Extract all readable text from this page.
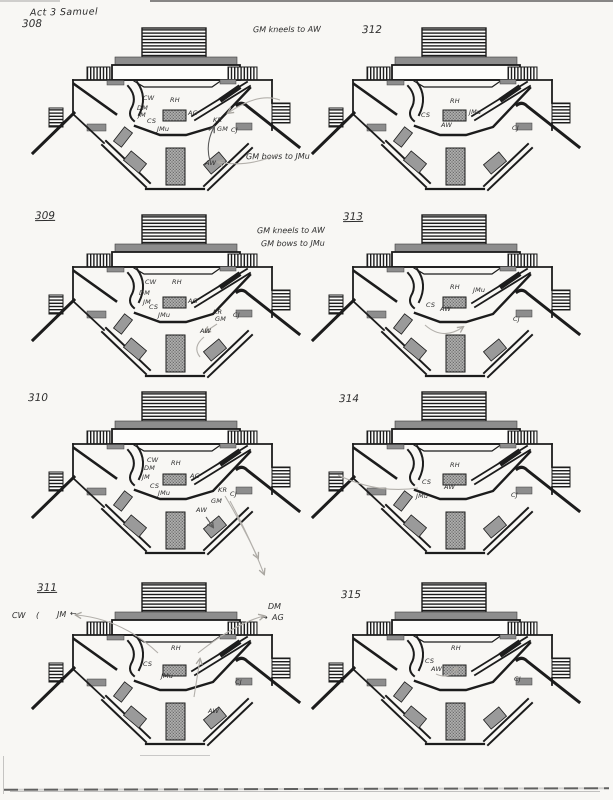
Act 3 Samuel
CW
DM
JM
CS
JMu
RH
AG
KR
GM CJ
AW
308
RH
CS	JMu
AW	CJ
312
CW
DM
JM
CS
JMu
RH
AG
KR
GM CJ
AW
309
RH JMu
CS AW
CJ
313
CW
DM
JM
CS
JMu
RH
AG
KR CJ
GM
AW
310
RH
CS
AW
JMu	CJ
314
CS
RH
JMu
AW
CJ
311
RH
CS
AW
CJ
315
GM kneels to AW
GM bows to JMu
GM kneels to AW
GM bows to JMu
CW ( JM ←
DM
→ AG
